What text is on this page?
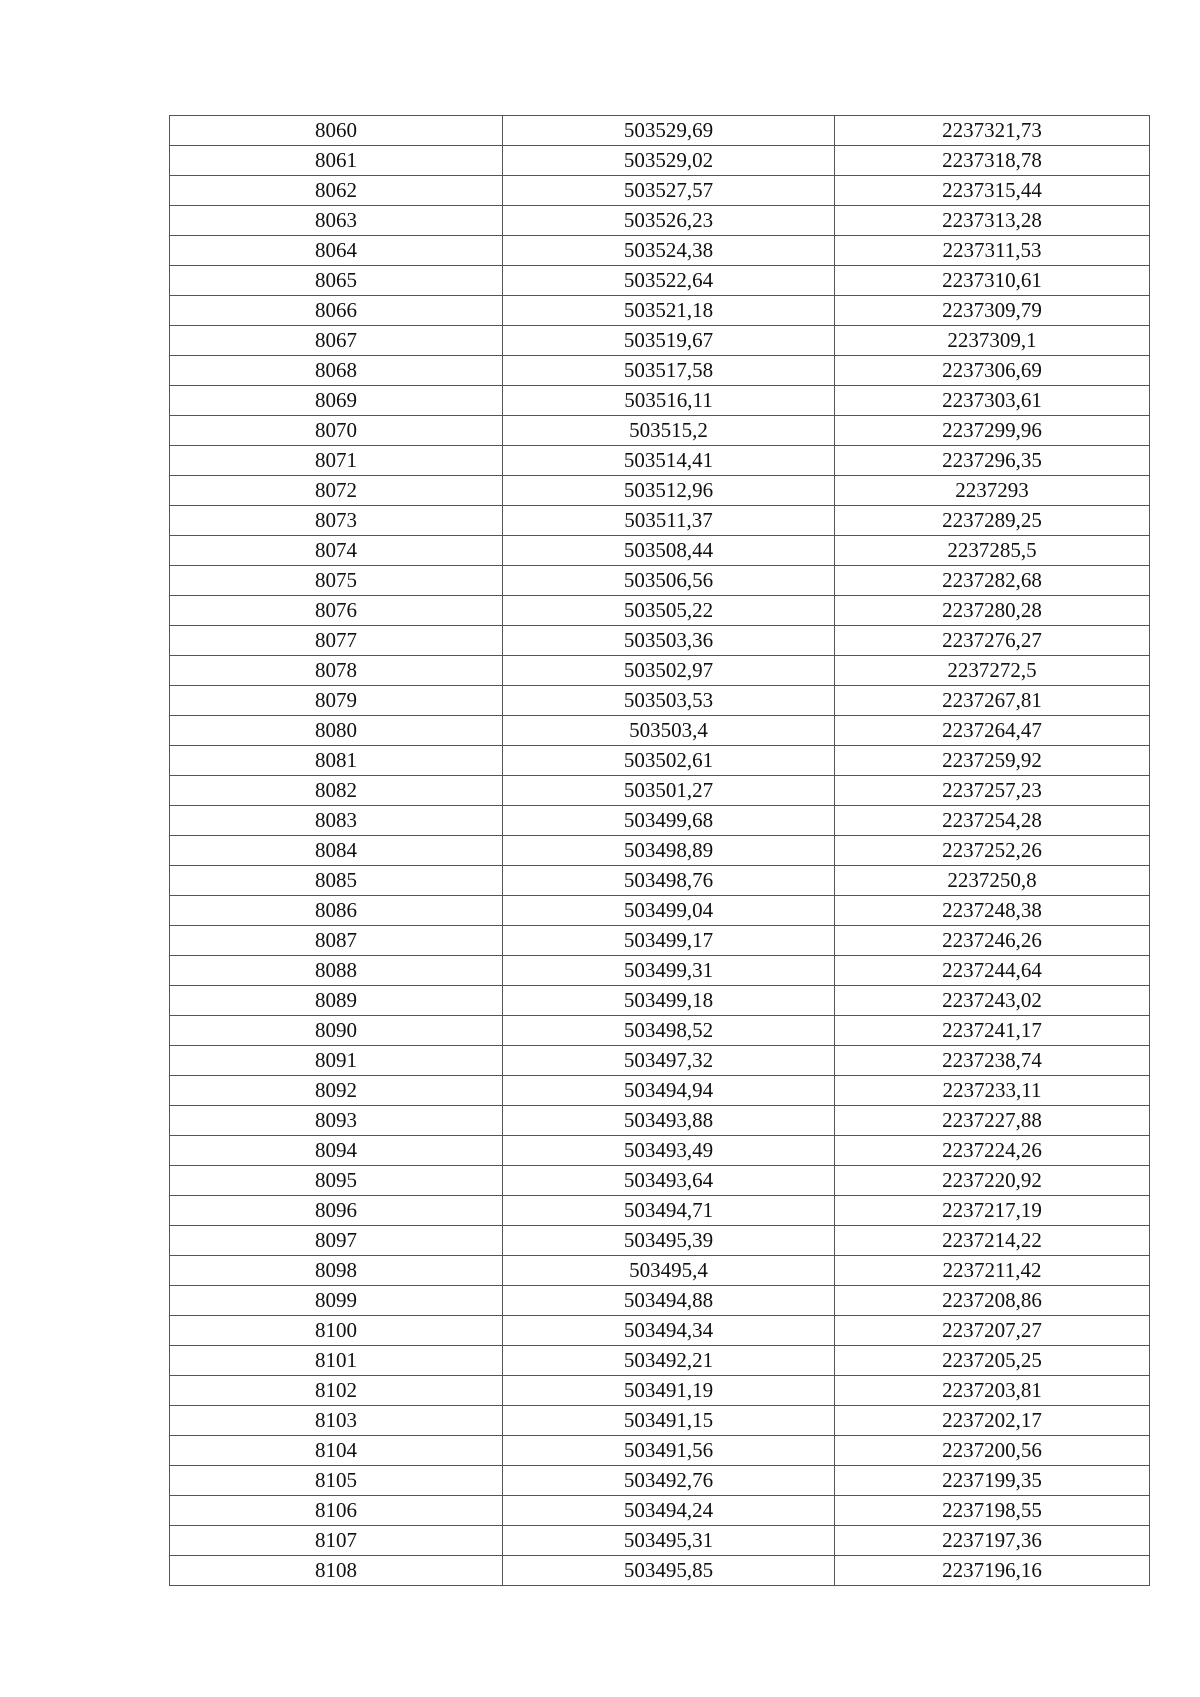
8060	503529,69	2237321,73
8061	503529,02	2237318,78
8062	503527,57	2237315,44
8063	503526,23	2237313,28
8064	503524,38	2237311,53
8065	503522,64	2237310,61
8066	503521,18	2237309,79
8067	503519,67	2237309,1
8068	503517,58	2237306,69
8069	503516,11	2237303,61
8070	503515,2	2237299,96
8071	503514,41	2237296,35
8072	503512,96	2237293
8073	503511,37	2237289,25
8074	503508,44	2237285,5
8075	503506,56	2237282,68
8076	503505,22	2237280,28
8077	503503,36	2237276,27
8078	503502,97	2237272,5
8079	503503,53	2237267,81
8080	503503,4	2237264,47
8081	503502,61	2237259,92
8082	503501,27	2237257,23
8083	503499,68	2237254,28
8084	503498,89	2237252,26
8085	503498,76	2237250,8
8086	503499,04	2237248,38
8087	503499,17	2237246,26
8088	503499,31	2237244,64
8089	503499,18	2237243,02
8090	503498,52	2237241,17
8091	503497,32	2237238,74
8092	503494,94	2237233,11
8093	503493,88	2237227,88
8094	503493,49	2237224,26
8095	503493,64	2237220,92
8096	503494,71	2237217,19
8097	503495,39	2237214,22
8098	503495,4	2237211,42
8099	503494,88	2237208,86
8100	503494,34	2237207,27
8101	503492,21	2237205,25
8102	503491,19	2237203,81
8103	503491,15	2237202,17
8104	503491,56	2237200,56
8105	503492,76	2237199,35
8106	503494,24	2237198,55
8107	503495,31	2237197,36
8108	503495,85	2237196,16
